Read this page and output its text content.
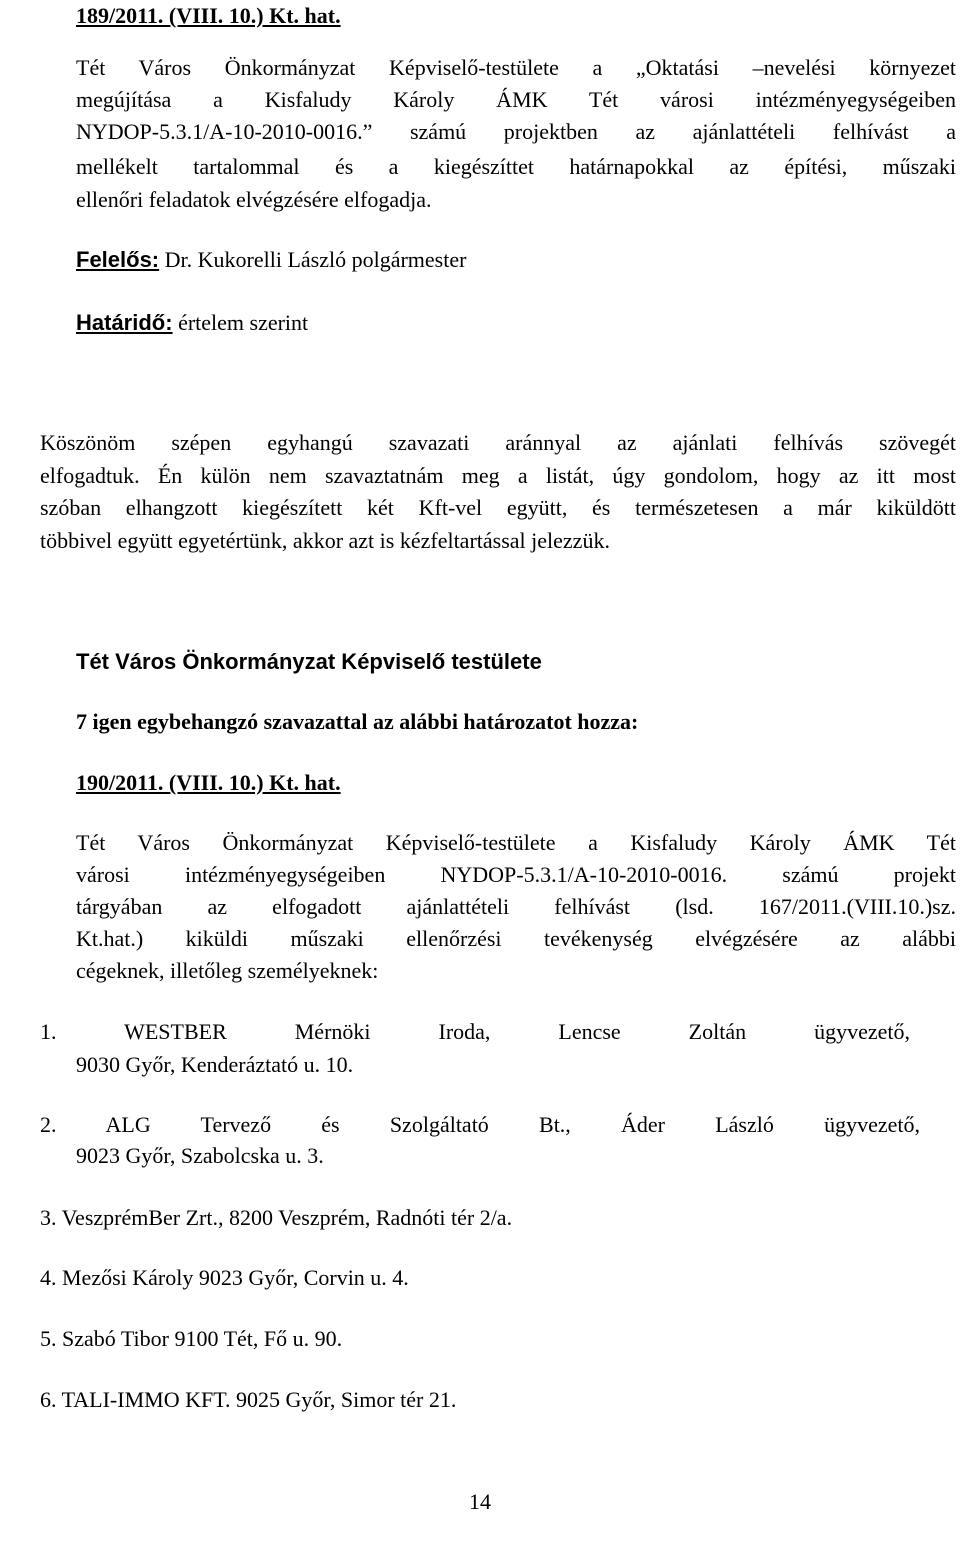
189/2011. (VIII. 10.) Kt. hat.
Tét Város Önkormányzat Képviselő-testülete a „Oktatási –nevelési környezet
megújítása a Kisfaludy Károly ÁMK Tét városi intézményegységeiben
NYDOP-5.3.1/A-10-2010-0016.” számú projektben az ajánlattételi felhívást a
mellékelt tartalommal és a kiegészíttet határnapokkal az építési, műszaki
ellenőri feladatok elvégzésére elfogadja.
Felelős: Dr. Kukorelli László polgármester
Határidő: értelem szerint
Köszönöm szépen egyhangú szavazati aránnyal az ajánlati felhívás szövegét
elfogadtuk. Én külön nem szavaztatnám meg a listát, úgy gondolom, hogy az itt most
szóban elhangzott kiegészített két Kft-vel együtt, és természetesen a már kiküldött
többivel együtt egyetértünk, akkor azt is kézfeltartással jelezzük.
Tét Város Önkormányzat Képviselő testülete
7 igen egybehangzó szavazattal az alábbi határozatot hozza:
190/2011. (VIII. 10.) Kt. hat.
Tét Város Önkormányzat Képviselő-testülete a Kisfaludy Károly ÁMK Tét
városi intézményegységeiben NYDOP-5.3.1/A-10-2010-0016. számú projekt
tárgyában az elfogadott ajánlattételi felhívást (lsd. 167/2011.(VIII.10.)sz.
Kt.hat.) kiküldi műszaki ellenőrzési tevékenység elvégzésére az alábbi
cégeknek, illetőleg személyeknek:
1. WESTBER Mérnöki Iroda, Lencse Zoltán ügyvezető,
9030 Győr, Kenderáztató u. 10.
2. ALG Tervező és Szolgáltató Bt., Áder László ügyvezető,
9023 Győr, Szabolcska u. 3.
3. VeszprémBer Zrt., 8200 Veszprém, Radnóti tér 2/a.
4. Mezősi Károly 9023 Győr, Corvin u. 4.
5. Szabó Tibor 9100 Tét, Fő u. 90.
6. TALI-IMMO KFT. 9025 Győr, Simor tér 21.
14
